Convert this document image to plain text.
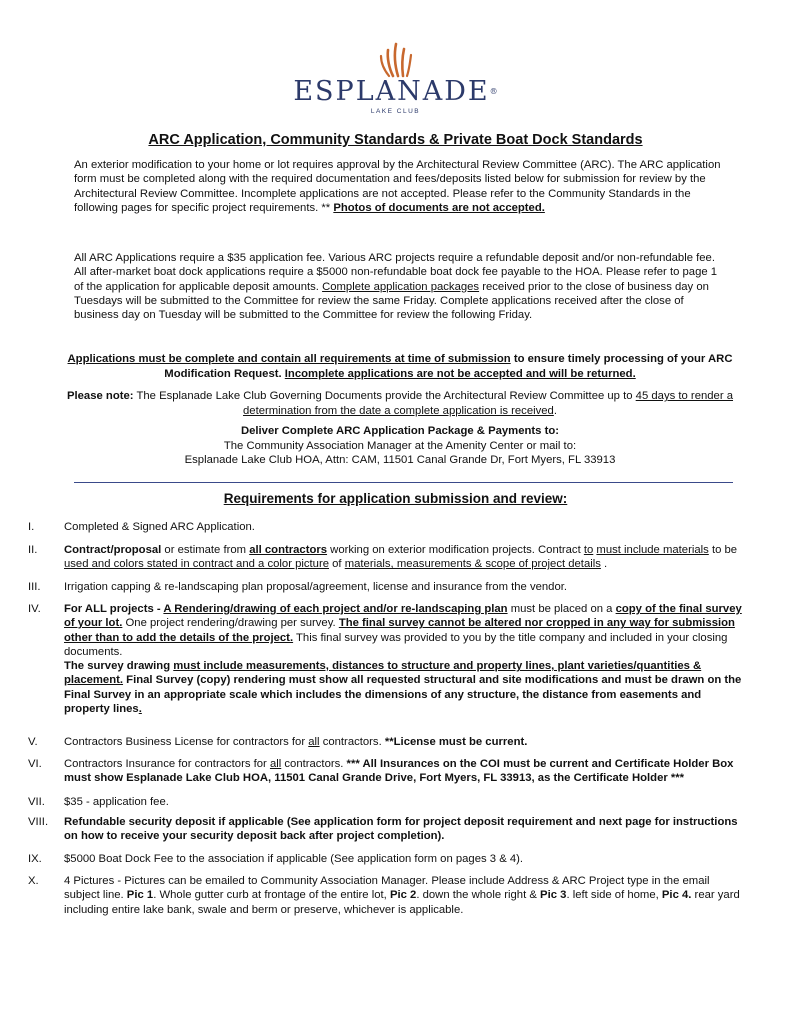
ESPLANADE®
LAKE CLUB
ARC Application, Community Standards & Private Boat Dock Standards
An exterior modification to your home or lot requires approval by the Architectural Review Committee (ARC). The ARC application form must be completed along with the required documentation and fees/deposits listed below for submission for review by the Architectural Review Committee. Incomplete applications are not accepted. Please refer to the Community Standards in the following pages for specific project requirements. ** Photos of documents are not accepted.
All ARC Applications require a $35 application fee. Various ARC projects require a refundable deposit and/or non-refundable fee. All after-market boat dock applications require a $5000 non-refundable boat dock fee payable to the HOA. Please refer to page 1 of the application for applicable deposit amounts. Complete application packages received prior to the close of business day on Tuesdays will be submitted to the Committee for review the same Friday. Complete applications received after the close of business day on Tuesday will be submitted to the Committee for review the following Friday.
Applications must be complete and contain all requirements at time of submission to ensure timely processing of your ARC Modification Request. Incomplete applications are not be accepted and will be returned.
Please note: The Esplanade Lake Club Governing Documents provide the Architectural Review Committee up to 45 days to render a determination from the date a complete application is received.
Deliver Complete ARC Application Package & Payments to:
The Community Association Manager at the Amenity Center or mail to:
Esplanade Lake Club HOA, Attn: CAM, 11501 Canal Grande Dr, Fort Myers, FL 33913
Requirements for application submission and review:
I.	Completed & Signed ARC Application.
II.	Contract/proposal or estimate from all contractors working on exterior modification projects. Contract to must include materials to be used and colors stated in contract and a color picture of materials, measurements & scope of project details .
III.	Irrigation capping & re-landscaping plan proposal/agreement, license and insurance from the vendor.
IV.	For ALL projects - A Rendering/drawing of each project and/or re-landscaping plan must be placed on a copy of the final survey of your lot. One project rendering/drawing per survey. The final survey cannot be altered nor cropped in any way for submission other than to add the details of the project. This final survey was provided to you by the title company and included in your closing documents.
The survey drawing must include measurements, distances to structure and property lines, plant varieties/quantities & placement. Final Survey (copy) rendering must show all requested structural and site modifications and must be drawn on the Final Survey in an appropriate scale which includes the dimensions of any structure, the distance from easements and property lines.
V.	Contractors Business License for contractors for all contractors. **License must be current.
VI.	Contractors Insurance for contractors for all contractors. *** All Insurances on the COI must be current and Certificate Holder Box must show Esplanade Lake Club HOA, 11501 Canal Grande Drive, Fort Myers, FL 33913, as the Certificate Holder ***
VII.	$35 - application fee.
VIII.	Refundable security deposit if applicable (See application form for project deposit requirement and next page for instructions on how to receive your security deposit back after project completion).
IX.	$5000 Boat Dock Fee to the association if applicable (See application form on pages 3 & 4).
X.	4 Pictures - Pictures can be emailed to Community Association Manager. Please include Address & ARC Project type in the email subject line. Pic 1. Whole gutter curb at frontage of the entire lot, Pic 2. down the whole right & Pic 3. left side of home, Pic 4. rear yard including entire lake bank, swale and berm or preserve, whichever is applicable.
